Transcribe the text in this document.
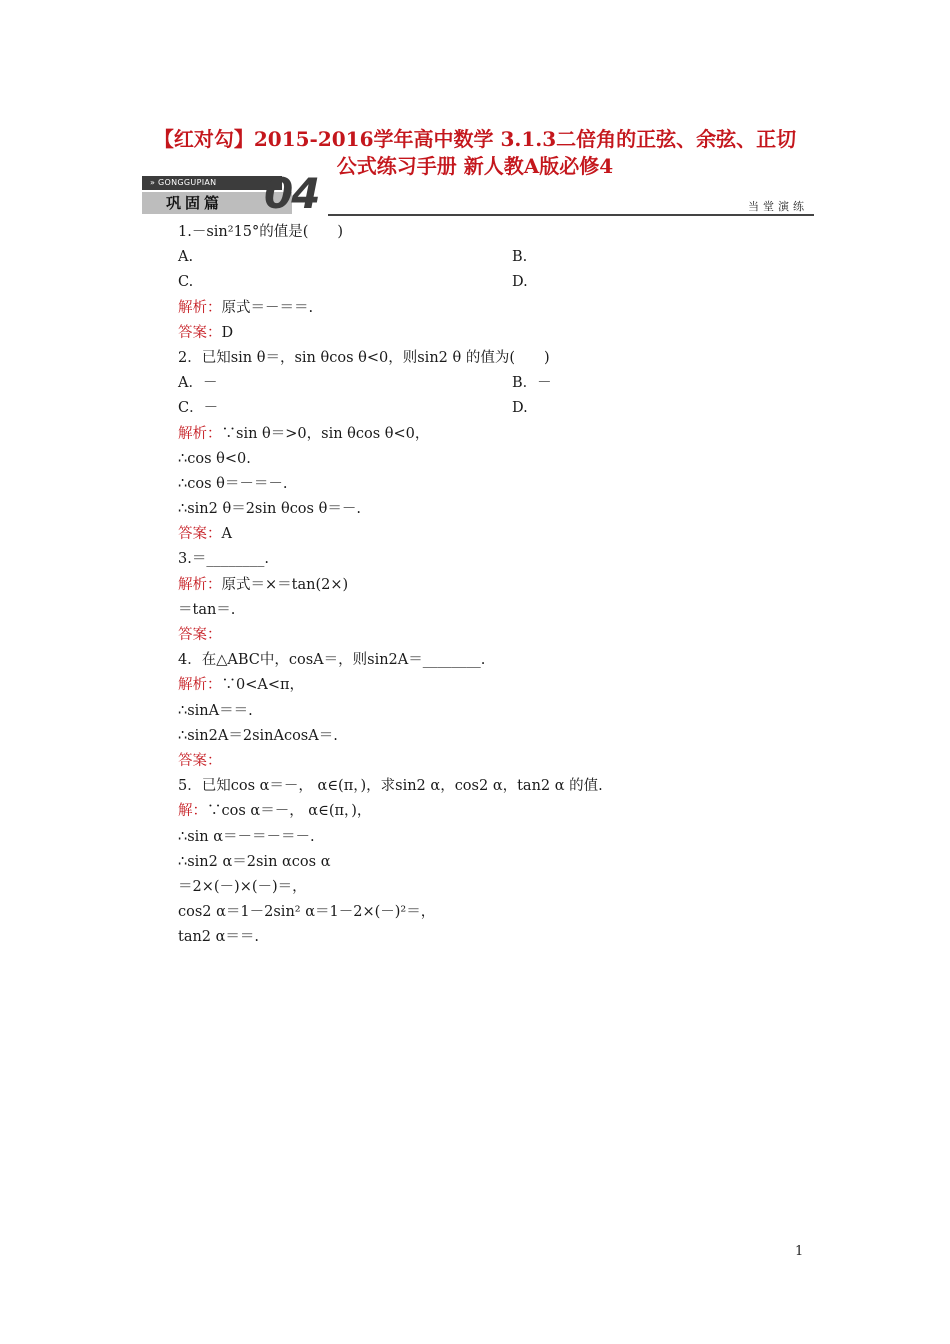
【红对勾】2015-2016学年高中数学 3.1.3二倍角的正弦、余弦、正切
公式练习手册 新人教A版必修4
» GONGGUPIAN
巩固篇 04	当堂演练
1.－sin²15°的值是(　　)
A.	B.
C.	D.
解析：原式＝－＝＝.
答案：D
2．已知sin θ＝，sin θcos θ<0，则sin2 θ 的值为(　　)
A．－	B．－
C．－	D.
解析：∵sin θ＝>0，sin θcos θ<0，
∴cos θ<0.
∴cos θ＝－＝－.
∴sin2 θ＝2sin θcos θ＝－.
答案：A
3.＝________.
解析：原式＝×＝tan(2×)
＝tan＝.
答案：
4．在△ABC中，cosA＝，则sin2A＝________.
解析：∵0<A<π，
∴sinA＝＝.
∴sin2A＝2sinAcosA＝.
答案：
5．已知cos α＝－， α∈(π，)，求sin2 α，cos2 α，tan2 α 的值.
解：∵cos α＝－， α∈(π，)，
∴sin α＝－＝－＝－.
∴sin2 α＝2sin αcos α
＝2×(－)×(－)＝，
cos2 α＝1－2sin² α＝1－2×(－)²＝，
tan2 α＝＝.
1
